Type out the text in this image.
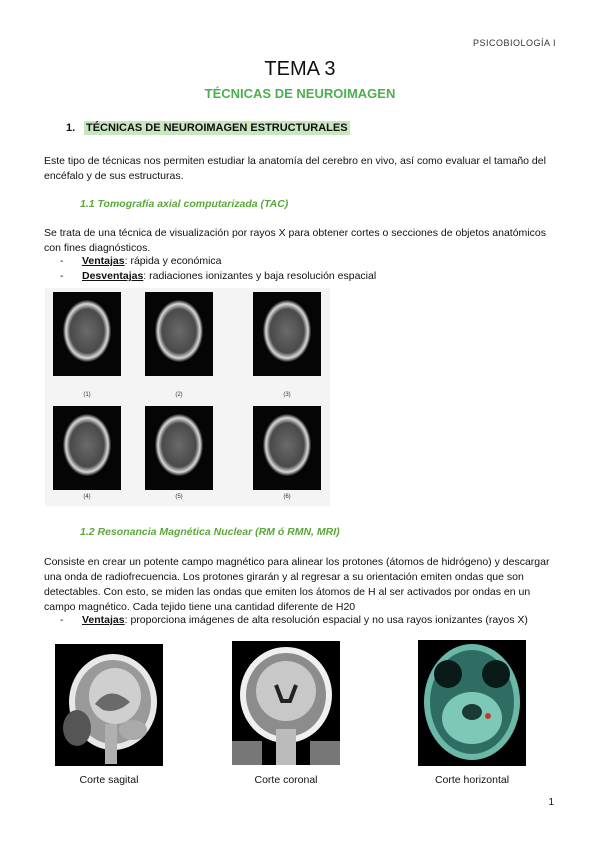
PSICOBIOLOGÍA I
TEMA 3
TÉCNICAS DE NEUROIMAGEN
1. TÉCNICAS DE NEUROIMAGEN ESTRUCTURALES
Este tipo de técnicas nos permiten estudiar la anatomía del cerebro en vivo, así como evaluar el tamaño del encéfalo y de sus estructuras.
1.1 Tomografía axial computarizada (TAC)
Se trata de una técnica de visualización por rayos X para obtener cortes o secciones de objetos anatómicos con fines diagnósticos.
- Ventajas: rápida y económica
- Desventajas: radiaciones ionizantes y baja resolución espacial
(1)	(2)	(3)
(4)	(5)	(6)
1.2 Resonancia Magnética Nuclear (RM ó RMN, MRI)
Consiste en crear un potente campo magnético para alinear los protones (átomos de hidrógeno) y descargar una onda de radiofrecuencia. Los protones girarán y al regresar a su orientación emiten ondas que son detectables. Con esto, se miden las ondas que emiten los átomos de H al ser activados por ondas en un campo magnético. Cada tejido tiene una cantidad diferente de H20
- Ventajas: proporciona imágenes de alta resolución espacial y no usa rayos ionizantes (rayos X)
Corte sagital	Corte coronal	Corte horizontal
1
